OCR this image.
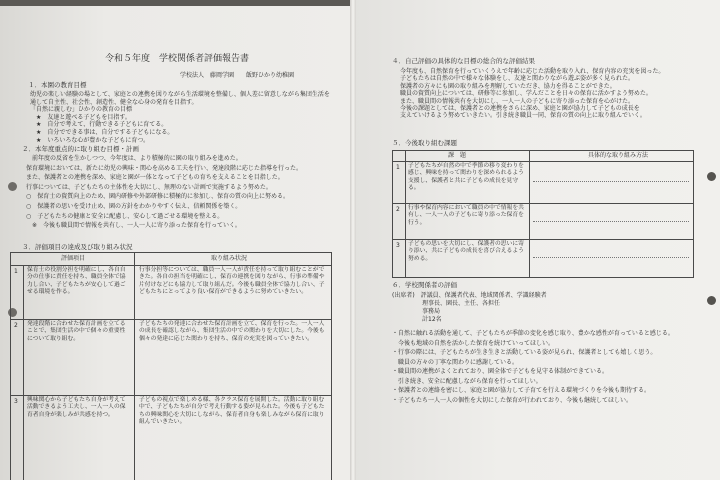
令和５年度　学校関係者評価報告書
学校法人　藤岡学園　　飯野ひかり幼稚園
１．本園の教育目標
幼児の楽しい経験の場として、家庭との連携を図りながら生活環境を整備し、個人差に留意しながら集団生活を
通して自主性、社会性、創造性、健全な心身の発育を目指す。
「自然に親しむ」ひかりの教育の目標
　★　友達と遊べる子どもを目指す。
　★　自分で考えて、行動できる子どもに育てる。
　★　自分でできる事は、自分でする子どもになる。
　★　いろいろな心が豊かな子どもに育つ。
２．本年度重点的に取り組む目標・計画
　前年度の反省を生かしつつ、今年度は、より積極的に園の取り組みを進めた。
保育環境においては、新たに幼児の興味・関心を高める工夫を行い、発達段階に応じた指導を行った。
また、保護者との連携を深め、家庭と園が一体となって子どもの育ちを支えることを目指した。
行事については、子どもたちの主体性を大切にし、無理のない計画で実施するよう努めた。
○　保育士の資質向上のため、園内研修や外部研修に積極的に参加し、保育の質の向上に努める。
○　保護者の思いを受け止め、園の方針をわかりやすく伝え、信頼関係を築く。
○　子どもたちの健康と安全に配慮し、安心して過ごせる環境を整える。
　※　今後も職員間で情報を共有し、一人一人に寄り添った保育を行っていく。
３．評価項目の達成及び取り組み状況
評価項目	取り組み状況
1 保育士の役割分担を明確にし、各自自分の仕事に責任を持ち、職員全体で協力し合い、子どもたちが安心して過ごせる環境を作る。
行事分担等については、職員一人一人が責任を持って取り組むことができた。各自の担当を明確にし、保育の連携を図りながら、行事の準備や片付けなどにも協力して取り組んだ。今後も職員全体で協力し合い、子どもたちにとってより良い保育ができるように努めていきたい。
2 発達段階に合わせた保育計画を立てることで、集団生活の中で個々の重要性について取り組む。
子どもたちの発達に合わせた保育計画を立て、保育を行った。一人一人の成長を確認しながら、集団生活の中での関わりを大切にした。今後も個々の発達に応じた関わりを持ち、保育の充実を図っていきたい。
3 興味関心から子どもたち自身が考えて活動できるよう工夫し、一人一人の保育者自身が楽しみが共感を持つ。
子どもの視点で楽しめる様、各クラス保育を展開した。活動に取り組む中で、子どもたちが自分で考え行動する姿が見られた。今後も子どもたちの興味関心を大切にしながら、保育者自身も楽しみながら保育に取り組んでいきたい。
４．自己評価の具体的な目標の総合的な評価結果
今年度も、自然保育を行っていくうえで年齢に応じた活動を取り入れ、保育内容の充実を図った。
子どもたちは自然の中で様々な体験をし、友達と関わりながら遊ぶ姿が多く見られた。
保護者の方々にも園の取り組みを理解していただき、協力を得ることができた。
職員の資質向上については、研修等に参加し、学んだことを日々の保育に活かすよう努めた。
また、職員間の情報共有を大切にし、一人一人の子どもに寄り添った保育を心がけた。
今後の課題としては、保護者との連携をさらに深め、家庭と園が協力して子どもの成長を
支えていけるよう努めていきたい。引き続き職員一同、保育の質の向上に取り組んでいく。
５．今後取り組む課題
課　題	具体的な取り組み方法
1 子どもたちが自然の中で季節の移り変わりを感じ、興味を持って関わりを深められるよう支援し、保護者と共に子どもの成長を見守る。
2 行事や保育内容において職員の中で情報を共有し、一人一人の子どもに寄り添った保育を行う。
3 子どもの思いを大切にし、保護者の思いに寄り添い、共に子どもの成長を喜び合えるよう努める。
６．学校関係者の評価
(出席者)　評議員、保護者代表、地域関係者、学識経験者
　　　　　理事長、園長、主任、各担任
　　　　　事務局
　　　　　計12名
・自然に触れる活動を通して、子どもたちが季節の変化を感じ取り、豊かな感性が育っていると感じる。
　今後も地域の自然を活かした保育を続けていってほしい。
・行事の際には、子どもたちが生き生きと活動している姿が見られ、保護者としても嬉しく思う。
　職員の方々の丁寧な関わりに感謝している。
・職員間の連携がよくとれており、園全体で子どもを見守る体制ができている。
　引き続き、安全に配慮しながら保育を行ってほしい。
・保護者との連絡を密にし、家庭と園が協力して子育てを行える環境づくりを今後も期待する。
・子どもたち一人一人の個性を大切にした保育が行われており、今後も継続してほしい。
